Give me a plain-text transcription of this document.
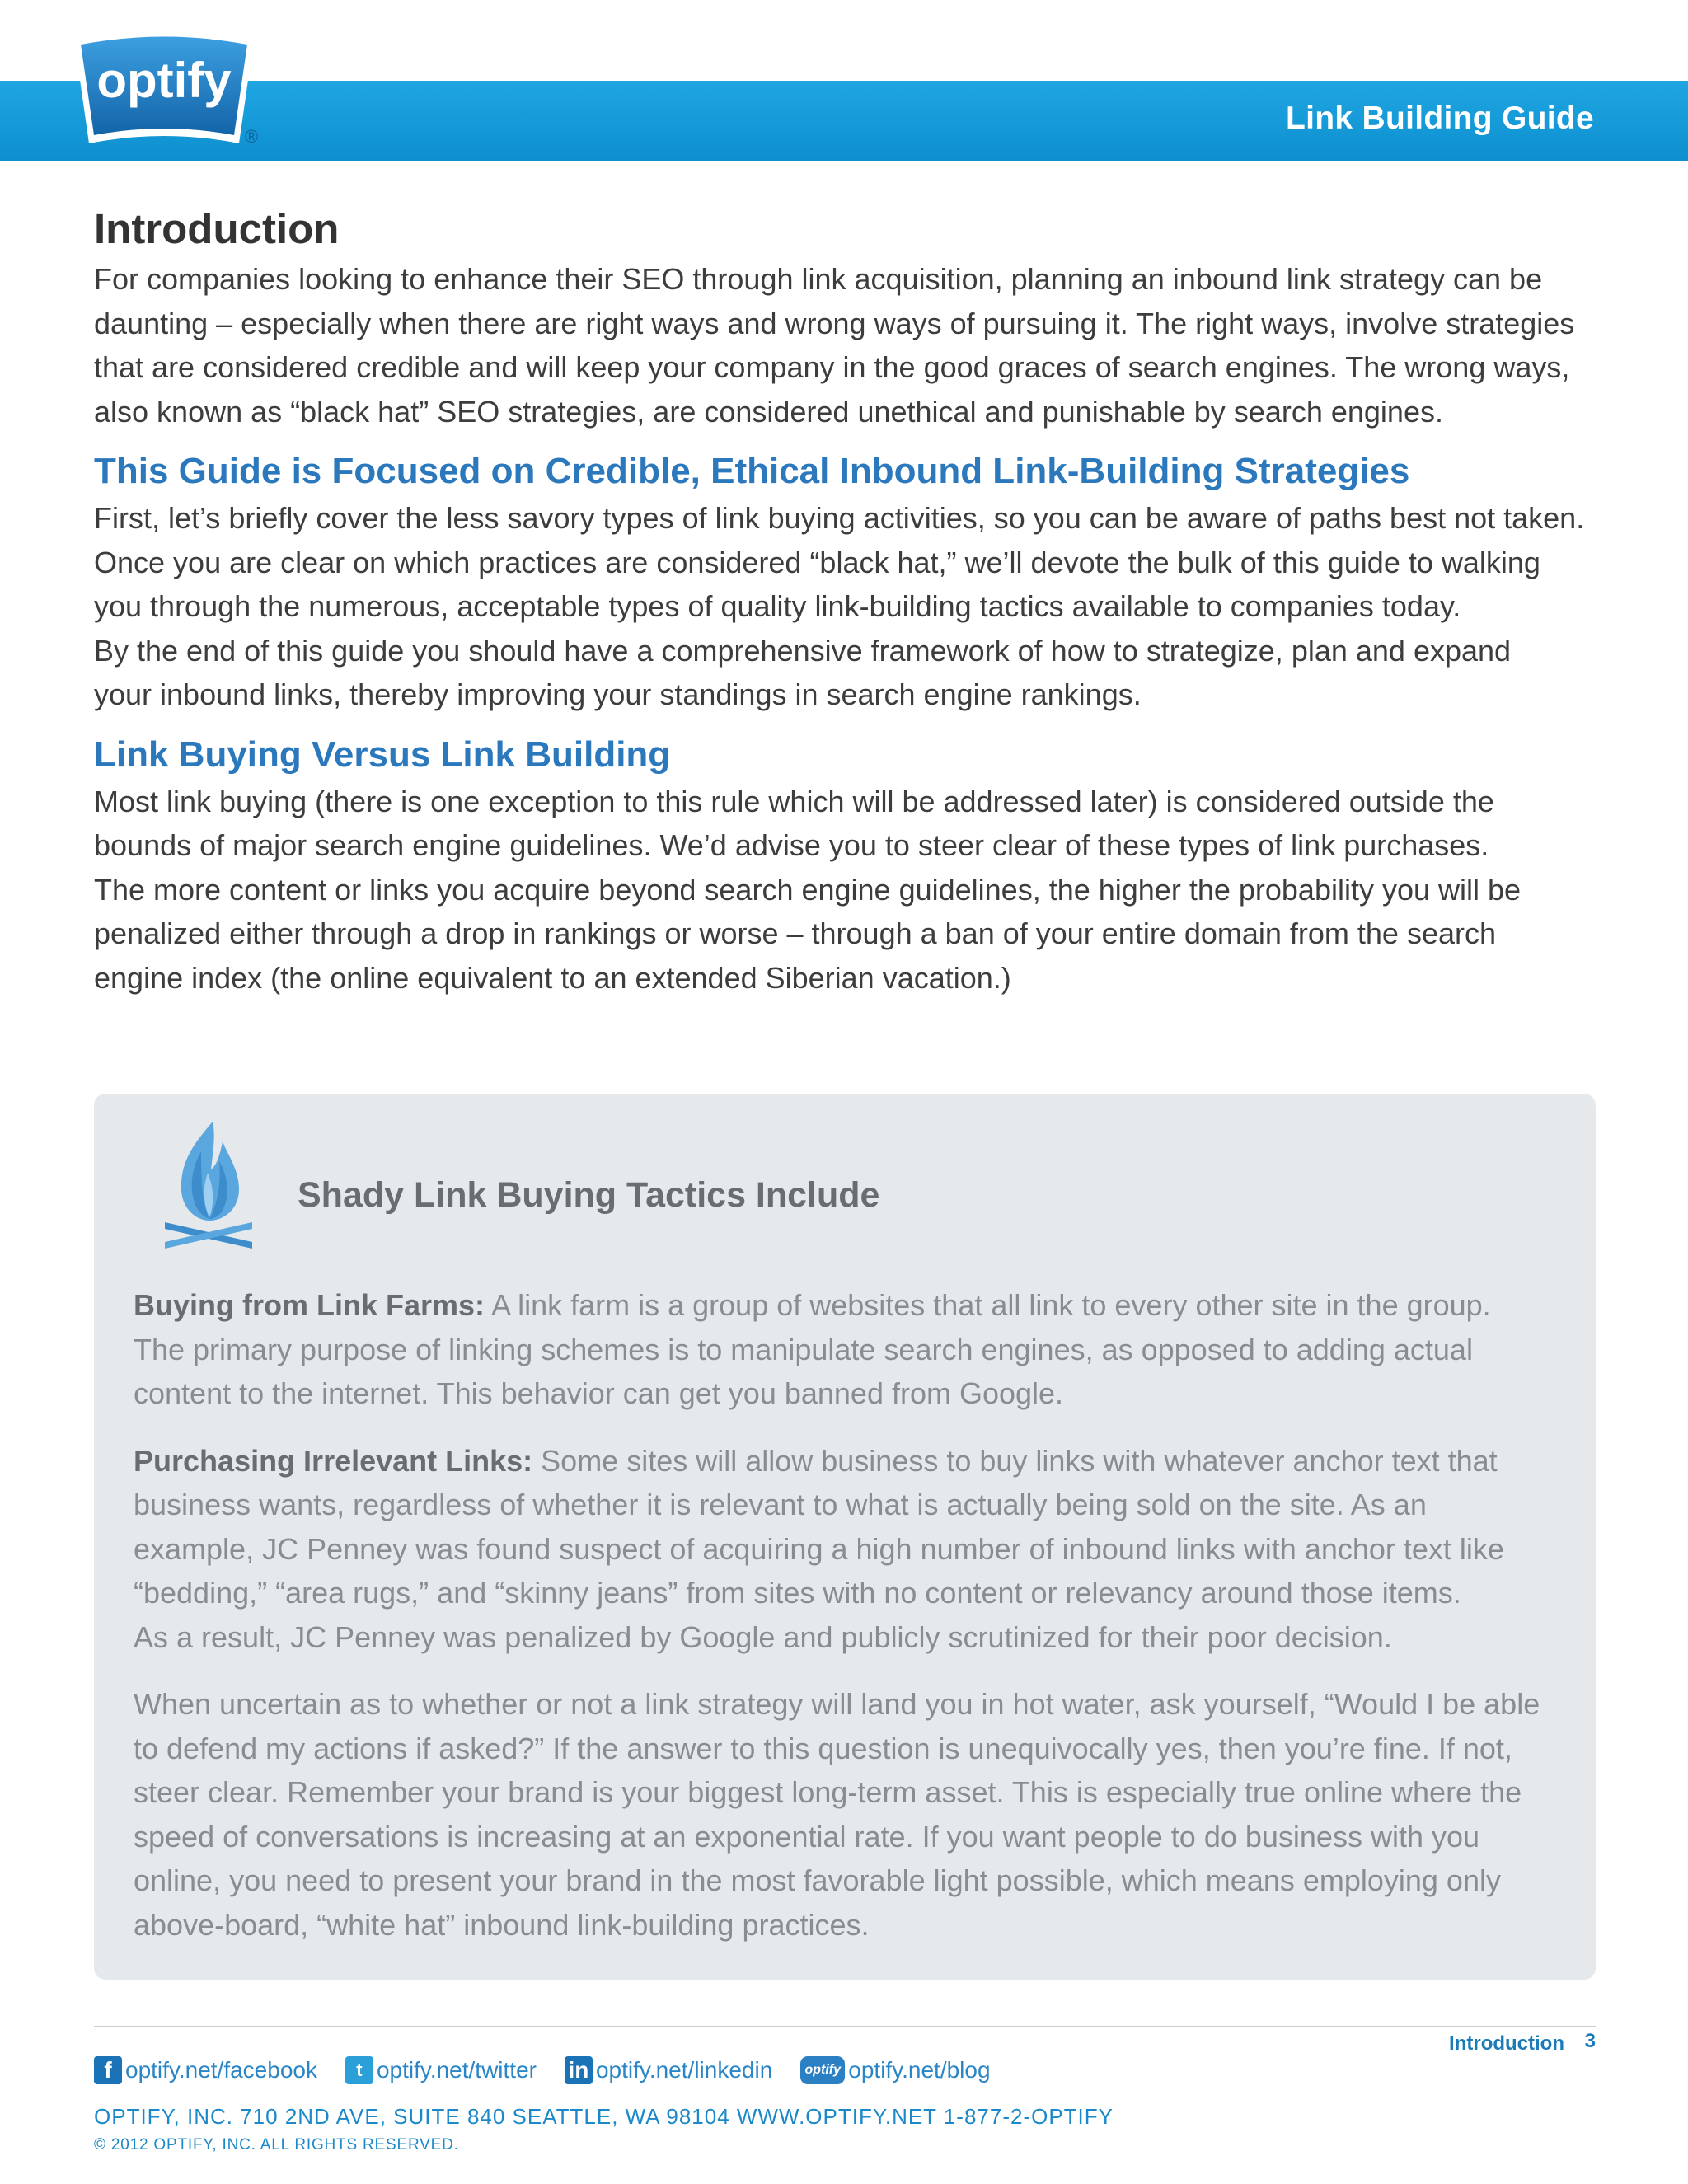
optify
®
Link Building Guide
Introduction

For companies looking to enhance their SEO through link acquisition, planning an inbound link strategy can be
daunting – especially when there are right ways and wrong ways of pursuing it. The right ways, involve strategies
that are considered credible and will keep your company in the good graces of search engines. The wrong ways,
also known as “black hat” SEO strategies, are considered unethical and punishable by search engines.

This Guide is Focused on Credible, Ethical Inbound Link-Building Strategies

First, let’s briefly cover the less savory types of link buying activities, so you can be aware of paths best not taken.
Once you are clear on which practices are considered “black hat,” we’ll devote the bulk of this guide to walking
you through the numerous, acceptable types of quality link-building tactics available to companies today.
By the end of this guide you should have a comprehensive framework of how to strategize, plan and expand
your inbound links, thereby improving your standings in search engine rankings.

Link Buying Versus Link Building

Most link buying (there is one exception to this rule which will be addressed later) is considered outside the
bounds of major search engine guidelines. We’d advise you to steer clear of these types of link purchases.
The more content or links you acquire beyond search engine guidelines, the higher the probability you will be
penalized either through a drop in rankings or worse – through a ban of your entire domain from the search
engine index (the online equivalent to an extended Siberian vacation.)

Shady Link Buying Tactics Include

Buying from Link Farms: A link farm is a group of websites that all link to every other site in the group.
The primary purpose of linking schemes is to manipulate search engines, as opposed to adding actual
content to the internet. This behavior can get you banned from Google.

Purchasing Irrelevant Links: Some sites will allow business to buy links with whatever anchor text that
business wants, regardless of whether it is relevant to what is actually being sold on the site. As an
example, JC Penney was found suspect of acquiring a high number of inbound links with anchor text like
“bedding,” “area rugs,” and “skinny jeans” from sites with no content or relevancy around those items.
As a result, JC Penney was penalized by Google and publicly scrutinized for their poor decision.

When uncertain as to whether or not a link strategy will land you in hot water, ask yourself, “Would I be able
to defend my actions if asked?” If the answer to this question is unequivocally yes, then you’re fine. If not,
steer clear. Remember your brand is your biggest long-term asset. This is especially true online where the
speed of conversations is increasing at an exponential rate. If you want people to do business with you
online, you need to present your brand in the most favorable light possible, which means employing only
above-board, “white hat” inbound link-building practices.

Introduction 3
f optify.net/facebook	t optify.net/twitter in optify.net/linkedin	optify optify.net/blog
OPTIFY, INC. 710 2ND AVE, SUITE 840 SEATTLE, WA 98104 WWW.OPTIFY.NET 1-877-2-OPTIFY
© 2012 OPTIFY, INC. ALL RIGHTS RESERVED.
